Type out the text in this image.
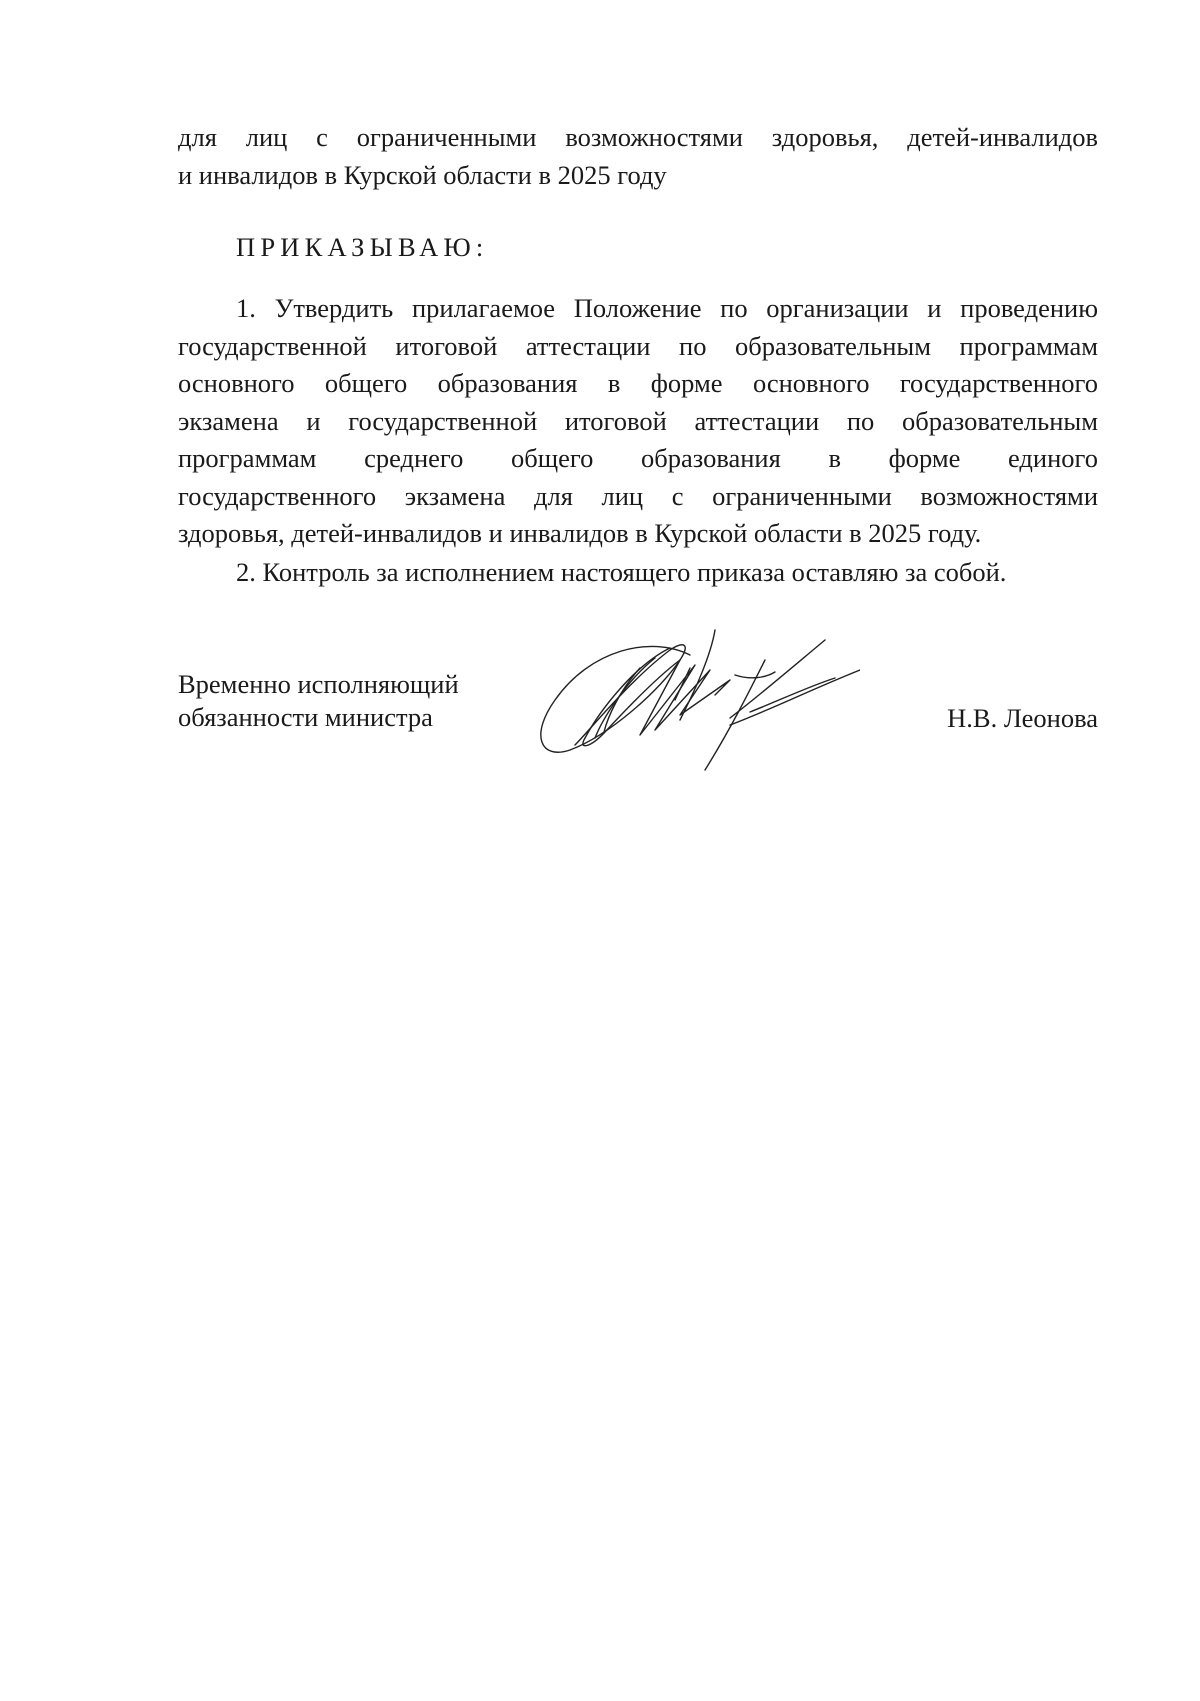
для лиц с ограниченными возможностями здоровья, детей-инвалидов
и инвалидов в Курской области в 2025 году
ПРИКАЗЫВАЮ:
1. Утвердить прилагаемое Положение по организации и проведению
государственной итоговой аттестации по образовательным программам
основного общего образования в форме основного государственного
экзамена и государственной итоговой аттестации по образовательным
программам среднего общего образования в форме единого
государственного экзамена для лиц с ограниченными возможностями
здоровья, детей-инвалидов и инвалидов в Курской области в 2025 году.
2. Контроль за исполнением настоящего приказа оставляю за собой.
Временно исполняющий
обязанности министра	Н.В. Леонова
